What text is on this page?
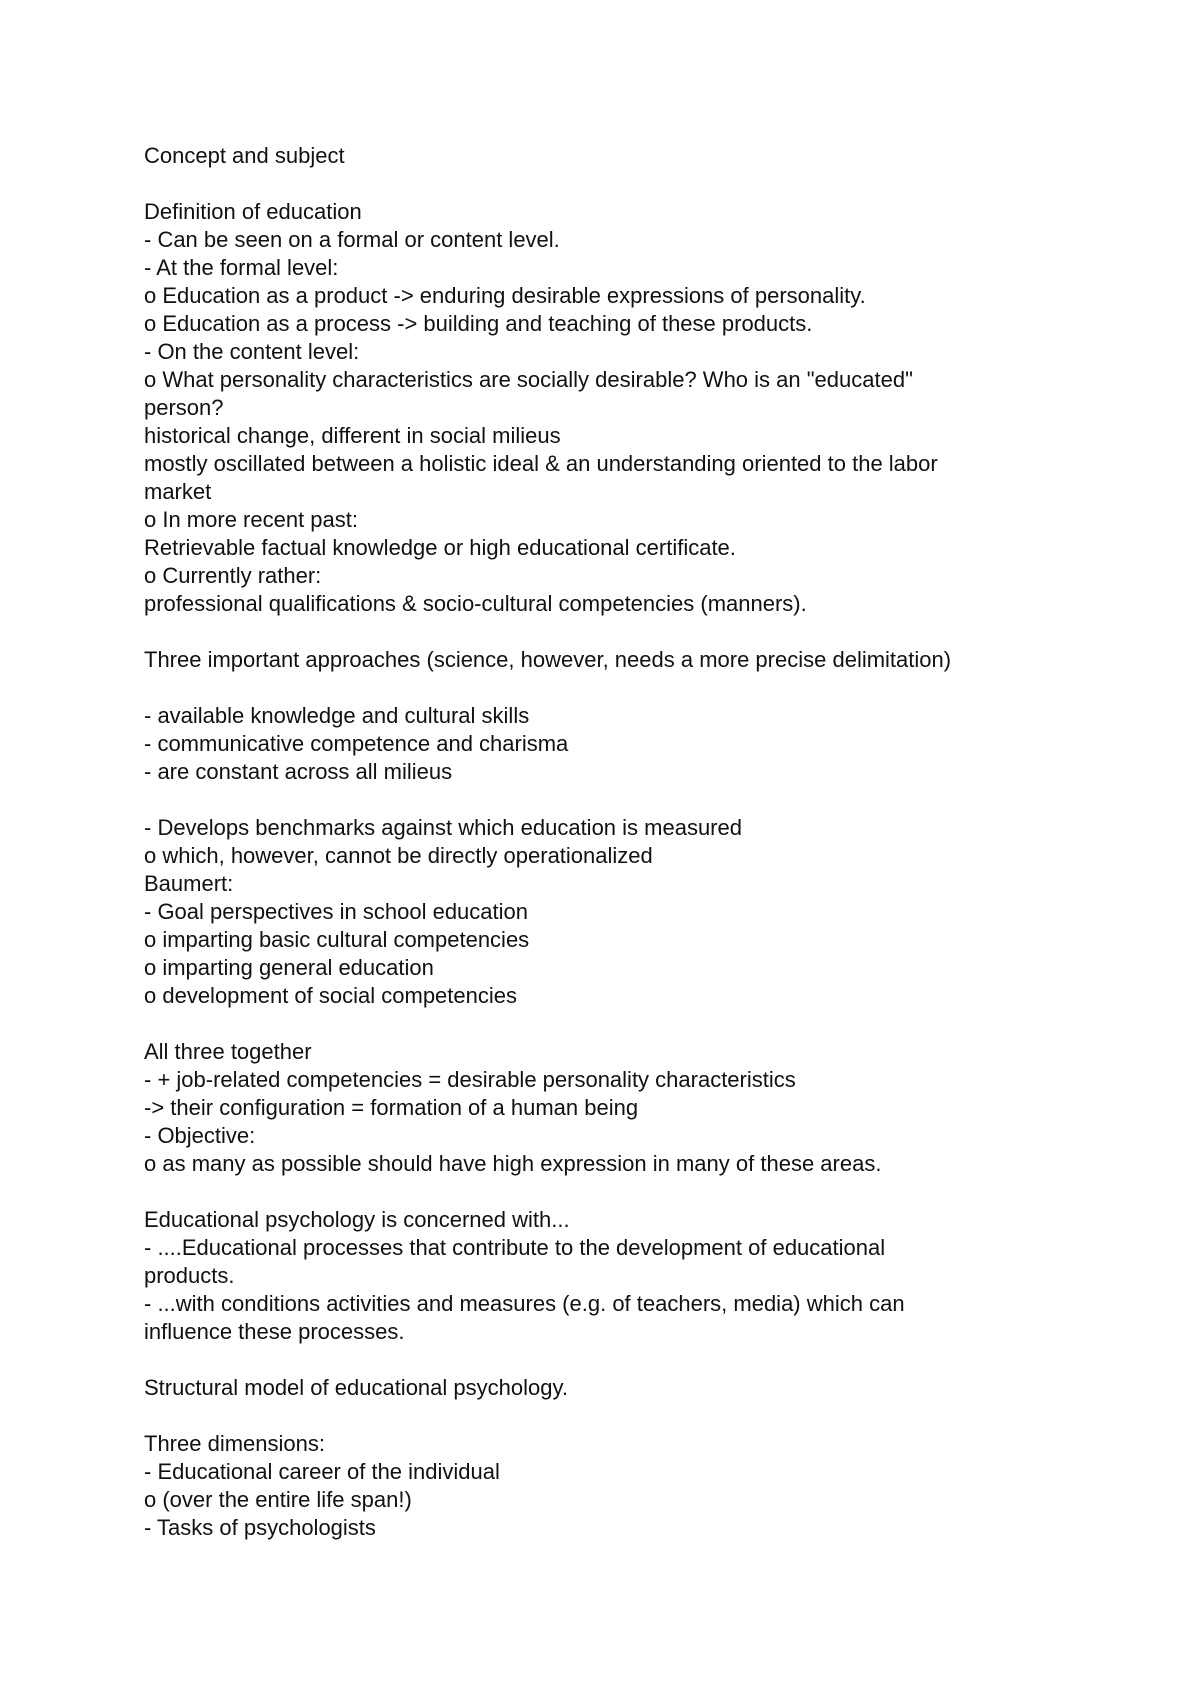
Concept and subject

Definition of education

- Can be seen on a formal or content level.

- At the formal level:

o Education as a product -> enduring desirable expressions of personality.

o Education as a process -> building and teaching of these products.

- On the content level:

o What personality characteristics are socially desirable? Who is an "educated"

person?

historical change, different in social milieus

mostly oscillated between a holistic ideal & an understanding oriented to the labor

market

o In more recent past:

Retrievable factual knowledge or high educational certificate.

o Currently rather:

professional qualifications & socio-cultural competencies (manners).

Three important approaches (science, however, needs a more precise delimitation)

- available knowledge and cultural skills

- communicative competence and charisma

- are constant across all milieus

- Develops benchmarks against which education is measured

o which, however, cannot be directly operationalized

Baumert:

- Goal perspectives in school education

o imparting basic cultural competencies

o imparting general education

o development of social competencies

All three together

- + job-related competencies = desirable personality characteristics

-> their configuration = formation of a human being

- Objective:

o as many as possible should have high expression in many of these areas.

Educational psychology is concerned with...

- ....Educational processes that contribute to the development of educational

products.

- ...with conditions activities and measures (e.g. of teachers, media) which can

influence these processes.

Structural model of educational psychology.

Three dimensions:

- Educational career of the individual

o (over the entire life span!)

- Tasks of psychologists
